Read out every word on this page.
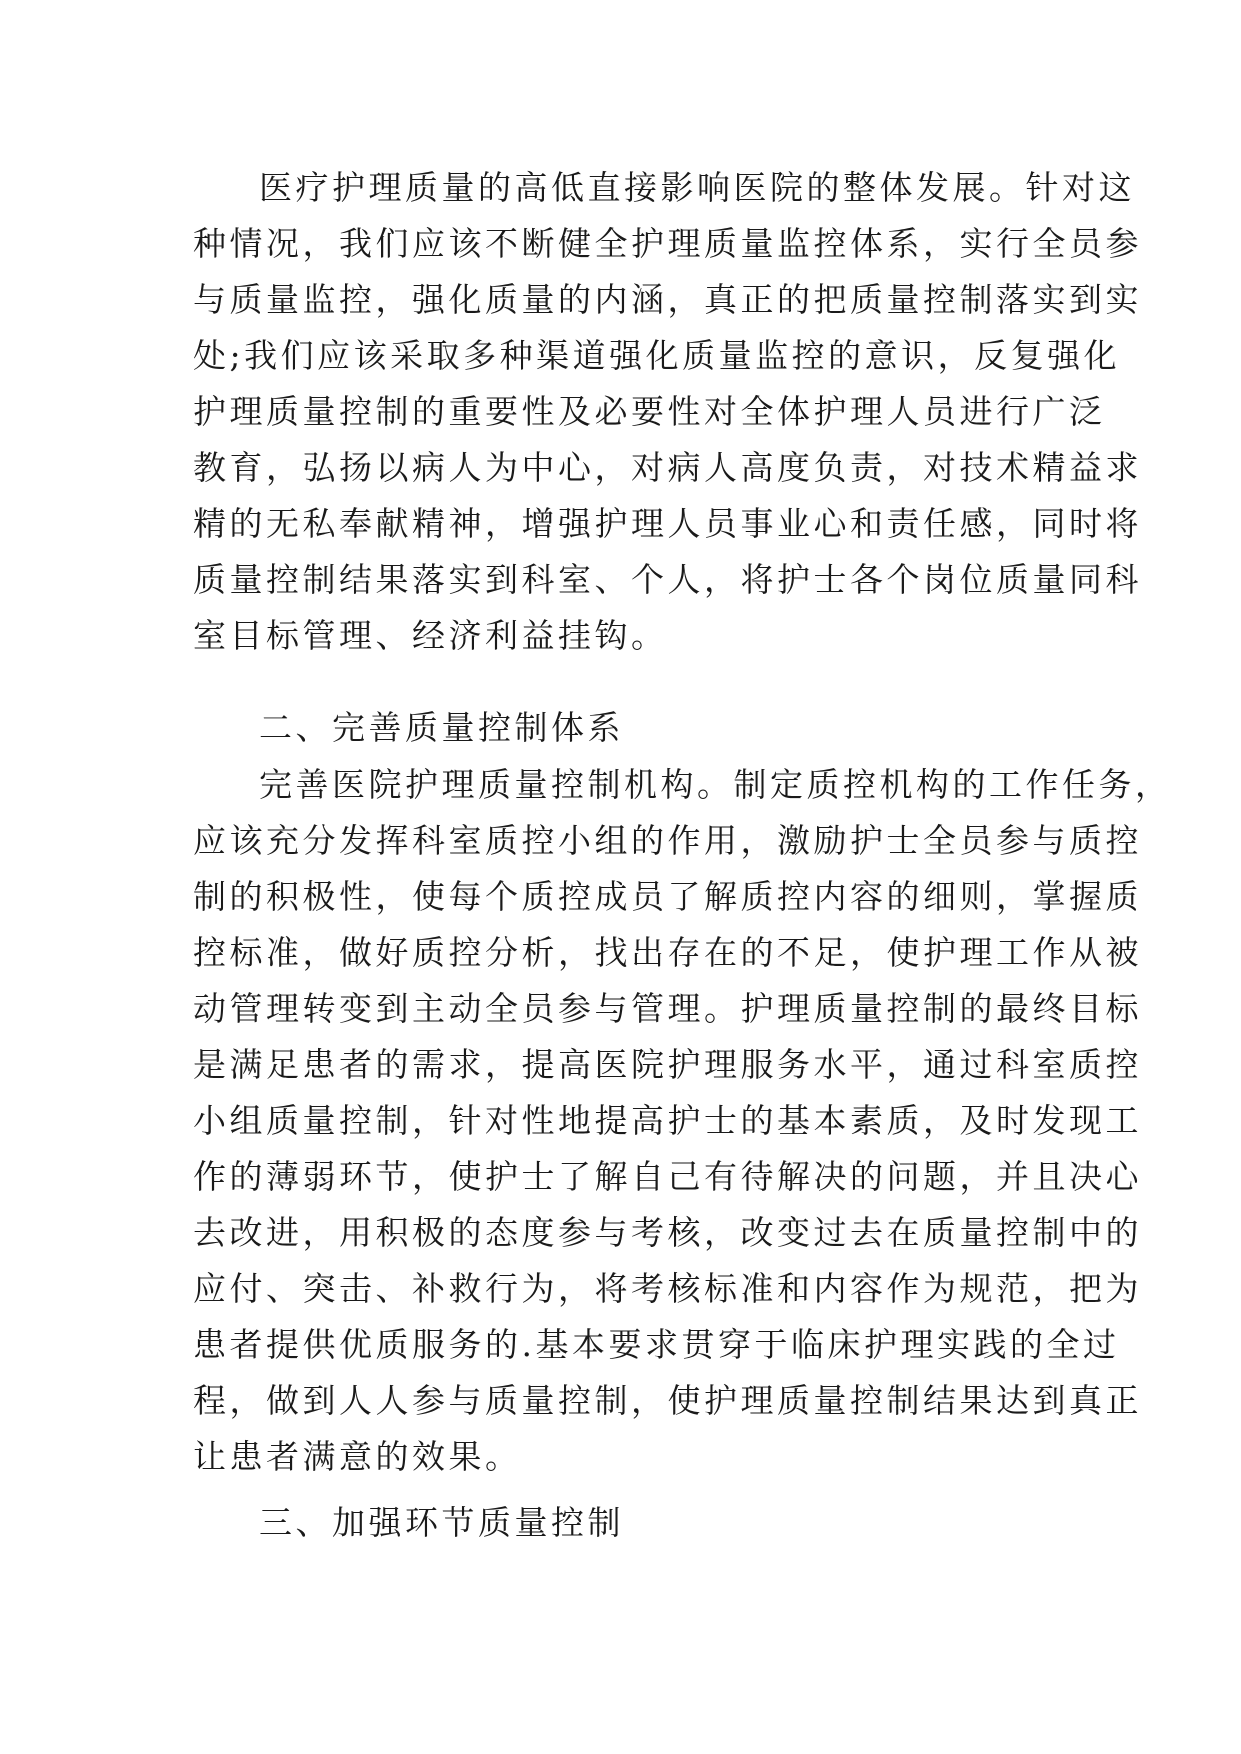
医疗护理质量的高低直接影响医院的整体发展。针对这
种情况，我们应该不断健全护理质量监控体系，实行全员参
与质量监控，强化质量的内涵，真正的把质量控制落实到实
处;我们应该采取多种渠道强化质量监控的意识，反复强化
护理质量控制的重要性及必要性对全体护理人员进行广泛
教育，弘扬以病人为中心，对病人高度负责，对技术精益求
精的无私奉献精神，增强护理人员事业心和责任感，同时将
质量控制结果落实到科室、个人，将护士各个岗位质量同科
室目标管理、经济利益挂钩。
二、完善质量控制体系
完善医院护理质量控制机构。制定质控机构的工作任务，
应该充分发挥科室质控小组的作用，激励护士全员参与质控
制的积极性，使每个质控成员了解质控内容的细则，掌握质
控标准，做好质控分析，找出存在的不足，使护理工作从被
动管理转变到主动全员参与管理。护理质量控制的最终目标
是满足患者的需求，提高医院护理服务水平，通过科室质控
小组质量控制，针对性地提高护士的基本素质，及时发现工
作的薄弱环节，使护士了解自己有待解决的问题，并且决心
去改进，用积极的态度参与考核，改变过去在质量控制中的
应付、突击、补救行为，将考核标准和内容作为规范，把为
患者提供优质服务的.基本要求贯穿于临床护理实践的全过
程，做到人人参与质量控制，使护理质量控制结果达到真正
让患者满意的效果。
三、加强环节质量控制
